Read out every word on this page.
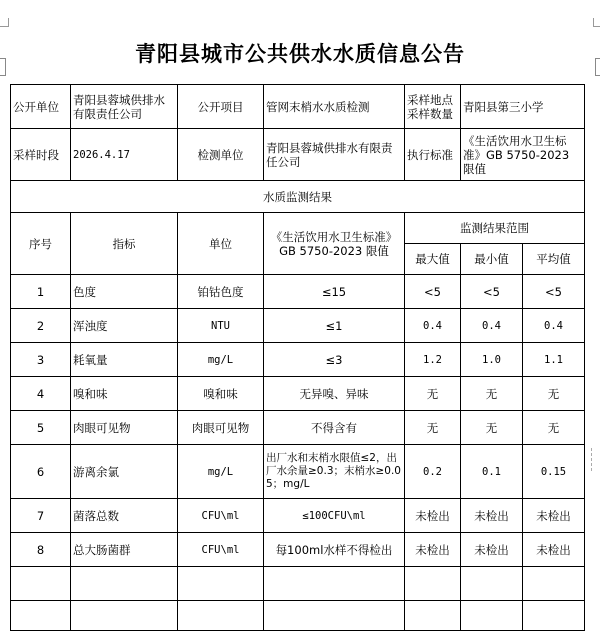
青阳县城市公共供水水质信息公告
公开单位	青阳县蓉城供排水有限责任公司	公开项目	管网末梢水水质检测	采样地点采样数量	青阳县第三小学	
采样时段	2026.4.17	检测单位	青阳县蓉城供排水有限责任公司	执行标准	《生活饮用水卫生标准》GB 5750-2023 限值	
水质监测结果						
序号	指标	单位	《生活饮用水卫生标准》GB 5750-2023 限值	监测结果范围		
				最大值	最小值	平均值
1	色度	铂钴色度	≤15	<5	<5	<5
2	浑浊度	NTU	≤1	0.4	0.4	0.4
3	耗氧量	mg/L	≤3	1.2	1.0	1.1
4	嗅和味	嗅和味	无异嗅、异味	无	无	无
5	肉眼可见物	肉眼可见物	不得含有	无	无	无
6	游离余氯	mg/L	出厂水和末梢水限值≤2，出厂水余量≥0.3；末梢水≥0.05；mg/L	0.2	0.1	0.15
7	菌落总数	CFU\ml	≤100CFU\ml	未检出	未检出	未检出
8	总大肠菌群	CFU\ml	每100ml水样不得检出	未检出	未检出	未检出
